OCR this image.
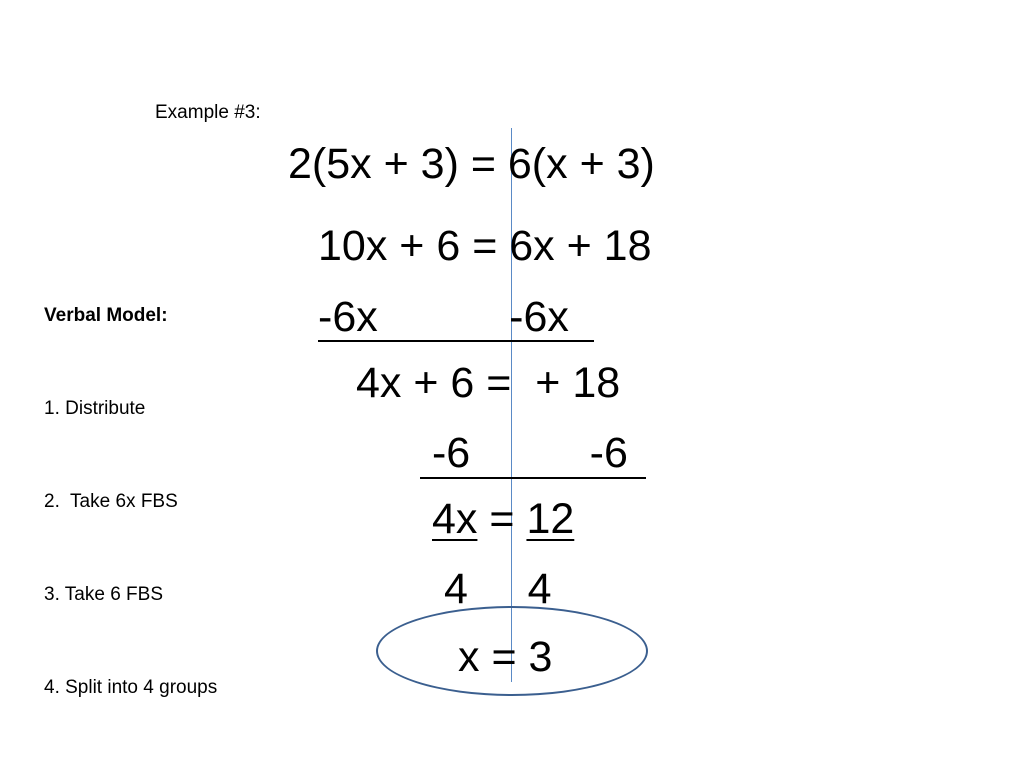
Example #3:

Verbal Model:

1. Distribute

2.  Take 6x FBS

3. Take 6 FBS

4. Split into 4 groups

2(5x + 3) = 6(x + 3)
10x + 6 = 6x + 18
-6x           -6x
4x + 6 =  + 18
-6          -6
4x = 12
4     4
x = 3
